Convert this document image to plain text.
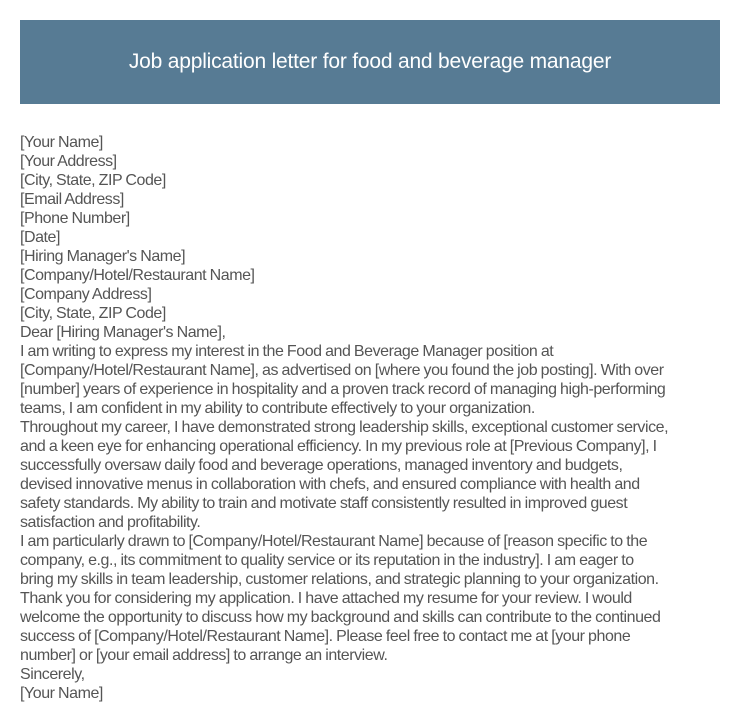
Job application letter for food and beverage manager
[Your Name]
[Your Address]
[City, State, ZIP Code]
[Email Address]
[Phone Number]
[Date]
[Hiring Manager's Name]
[Company/Hotel/Restaurant Name]
[Company Address]
[City, State, ZIP Code]
Dear [Hiring Manager's Name],
I am writing to express my interest in the Food and Beverage Manager position at
[Company/Hotel/Restaurant Name], as advertised on [where you found the job posting]. With over
[number] years of experience in hospitality and a proven track record of managing high-performing
teams, I am confident in my ability to contribute effectively to your organization.
Throughout my career, I have demonstrated strong leadership skills, exceptional customer service,
and a keen eye for enhancing operational efficiency. In my previous role at [Previous Company], I
successfully oversaw daily food and beverage operations, managed inventory and budgets,
devised innovative menus in collaboration with chefs, and ensured compliance with health and
safety standards. My ability to train and motivate staff consistently resulted in improved guest
satisfaction and profitability.
I am particularly drawn to [Company/Hotel/Restaurant Name] because of [reason specific to the
company, e.g., its commitment to quality service or its reputation in the industry]. I am eager to
bring my skills in team leadership, customer relations, and strategic planning to your organization.
Thank you for considering my application. I have attached my resume for your review. I would
welcome the opportunity to discuss how my background and skills can contribute to the continued
success of [Company/Hotel/Restaurant Name]. Please feel free to contact me at [your phone
number] or [your email address] to arrange an interview.
Sincerely,
[Your Name]
